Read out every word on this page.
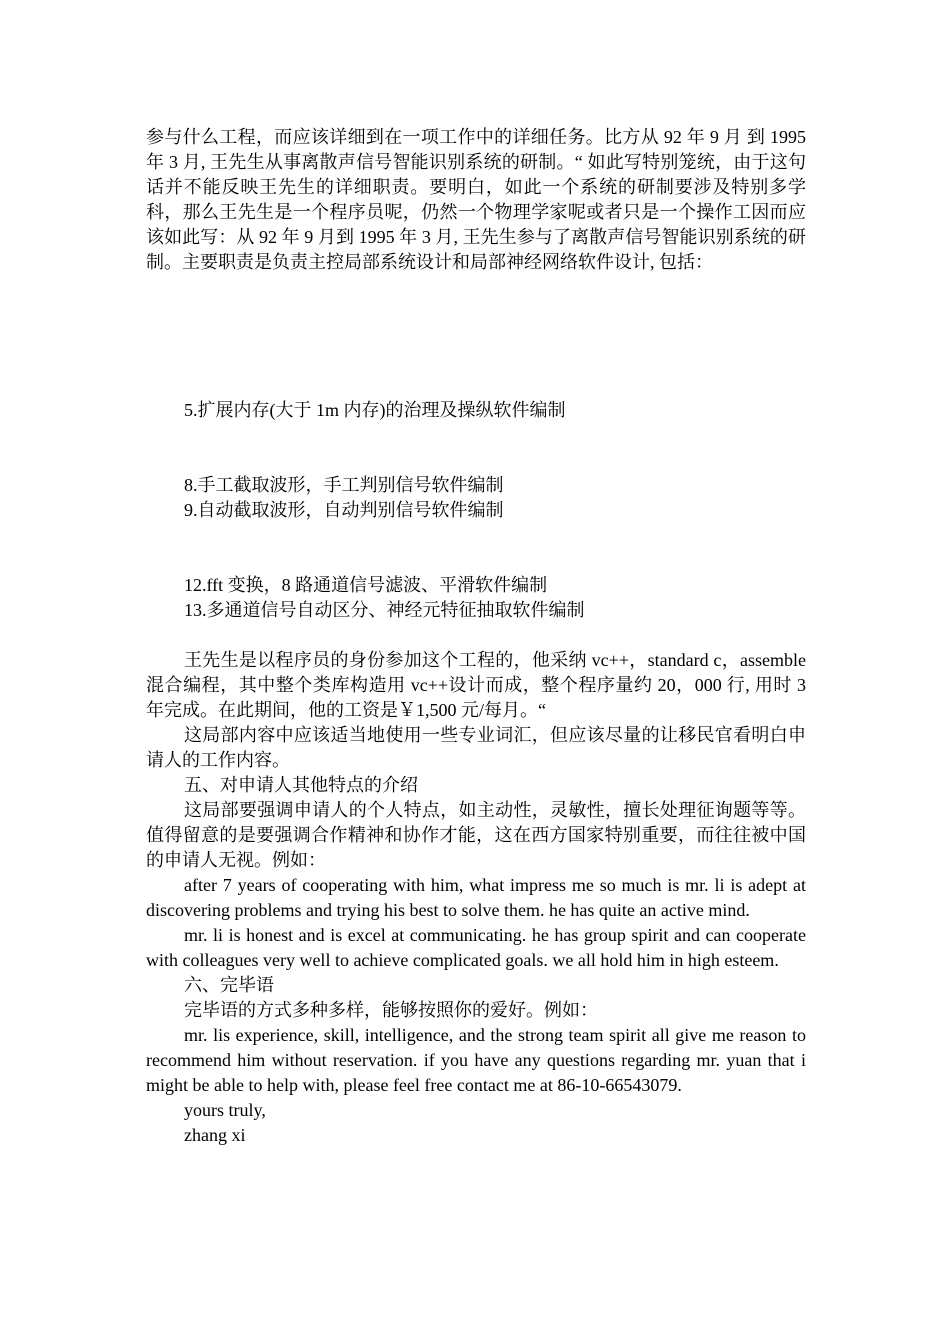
参与什么工程，而应该详细到在一项工作中的详细任务。比方从 92 年 9 月 到 1995 年 3 月, 王先生从事离散声信号智能识别系统的研制。“ 如此写特别笼统，由于这句话并不能反映王先生的详细职责。要明白，如此一个系统的研制要涉及特别多学科，那么王先生是一个程序员呢，仍然一个物理学家呢或者只是一个操作工因而应该如此写：从 92 年 9 月到 1995 年 3 月, 王先生参与了离散声信号智能识别系统的研制。主要职责是负责主控局部系统设计和局部神经网络软件设计, 包括：

5.扩展内存(大于 1m 内存)的治理及操纵软件编制

8.手工截取波形，手工判别信号软件编制

9.自动截取波形，自动判别信号软件编制

12.fft 变换，8 路通道信号滤波、平滑软件编制

13.多通道信号自动区分、神经元特征抽取软件编制

王先生是以程序员的身份参加这个工程的，他采纳 vc++，standard c，assemble 混合编程，其中整个类库构造用 vc++设计而成，整个程序量约 20，000 行, 用时 3 年完成。在此期间，他的工资是￥1,500 元/每月。“

这局部内容中应该适当地使用一些专业词汇，但应该尽量的让移民官看明白申请人的工作内容。

五、对申请人其他特点的介绍

这局部要强调申请人的个人特点，如主动性，灵敏性，擅长处理征询题等等。值得留意的是要强调合作精神和协作才能，这在西方国家特别重要，而往往被中国的申请人无视。例如：

after 7 years of cooperating with him, what impress me so much is mr. li is adept at discovering problems and trying his best to solve them. he has quite an active mind.

mr. li is honest and is excel at communicating. he has group spirit and can cooperate with colleagues very well to achieve complicated goals. we all hold him in high esteem.

六、完毕语

完毕语的方式多种多样，能够按照你的爱好。例如：

mr. lis experience, skill, intelligence, and the strong team spirit all give me reason to recommend him without reservation. if you have any questions regarding mr. yuan that i might be able to help with, please feel free contact me at 86-10-66543079.

yours truly,

zhang xi
